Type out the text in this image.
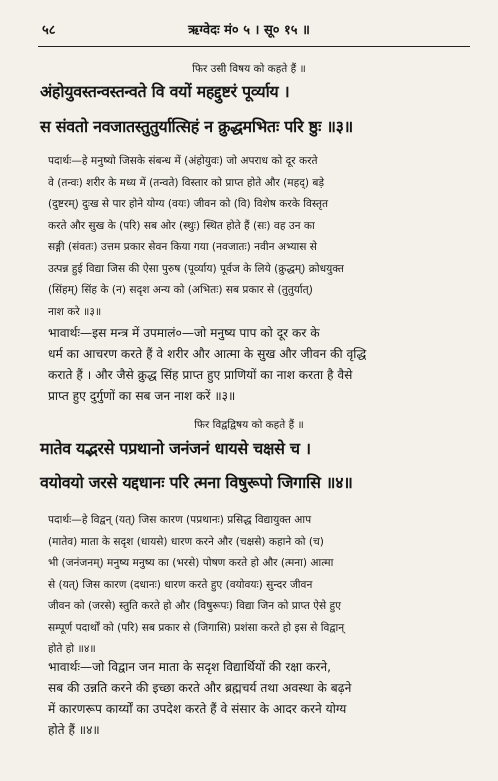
५८	ऋग्वेदः मं० ५ । सू० १५ ॥
फिर उसी विषय को कहते हैं ॥
अंहोयुवस्तन्वस्तन्वते वि वयों महद्दुष्टरं पूर्व्याय ।
स संवतो नवजातस्तुतुर्यात्सिहं न क्रुद्धमभितः परि ष्ठुः ॥३॥
पदार्थः—हे मनुष्यो जिसके संबन्ध में (अंहोयुवः) जो अपराध को दूर करते
वे (तन्वः) शरीर के मध्य में (तन्वते) विस्तार को प्राप्त होते और (महद्) बड़े
(दुष्टरम्) दुःख से पार होने योग्य (वयः) जीवन को (वि) विशेष करके विस्तृत
करते और सुख के (परि) सब ओर (स्थुः) स्थित होते हैं (सः) वह उन का
सङ्गी (संवतः) उत्तम प्रकार सेवन किया गया (नवजातः) नवीन अभ्यास से
उत्पन्न हुई विद्या जिस की ऐसा पुरुष (पूर्व्याय) पूर्वज के लिये (क्रुद्धम्) क्रोधयुक्त
(सिंहम्) सिंह के (न) सदृश अन्य को (अभितः) सब प्रकार से (तुतुर्यात्)
नाश करे ॥३॥
भावार्थः—इस मन्त्र में उपमालं०—जो मनुष्य पाप को दूर कर के
धर्म का आचरण करते हैं वे शरीर और आत्मा के सुख और जीवन की वृद्धि
कराते हैं । और जैसे क्रुद्ध सिंह प्राप्त हुए प्राणियों का नाश करता है वैसे
प्राप्त हुए दुर्गुणों का सब जन नाश करें ॥३॥
फिर विद्वद्विषय को कहते हैं ॥
मातेव यद्भरसे पप्रथानो जनंजनं धायसे चक्षसे च ।
वयोवयो जरसे यद्दधानः परि त्मना विषुरूपो जिगासि ॥४॥
पदार्थः—हे विद्वन् (यत्) जिस कारण (पप्रथानः) प्रसिद्ध विद्यायुक्त आप
(मातेव) माता के सदृश (धायसे) धारण करने और (चक्षसे) कहाने को (च)
भी (जनंजनम्) मनुष्य मनुष्य का (भरसे) पोषण करते हो और (त्मना) आत्मा
से (यत्) जिस कारण (दधानः) धारण करते हुए (वयोवयः) सुन्दर जीवन
जीवन को (जरसे) स्तुति करते हो और (विषुरूपः) विद्या जिन को प्राप्त ऐसे हुए
सम्पूर्ण पदार्थों को (परि) सब प्रकार से (जिगासि) प्रशंसा करते हो इस से विद्वान्
होते हो ॥४॥
भावार्थः—जो विद्वान जन माता के सदृश विद्यार्थियों की रक्षा करने,
सब की उन्नति करने की इच्छा करते और ब्रह्मचर्य तथा अवस्था के बढ़ने
में कारणरूप कार्य्यों का उपदेश करते हैं वे संसार के आदर करने योग्य
होते हैं ॥४॥
